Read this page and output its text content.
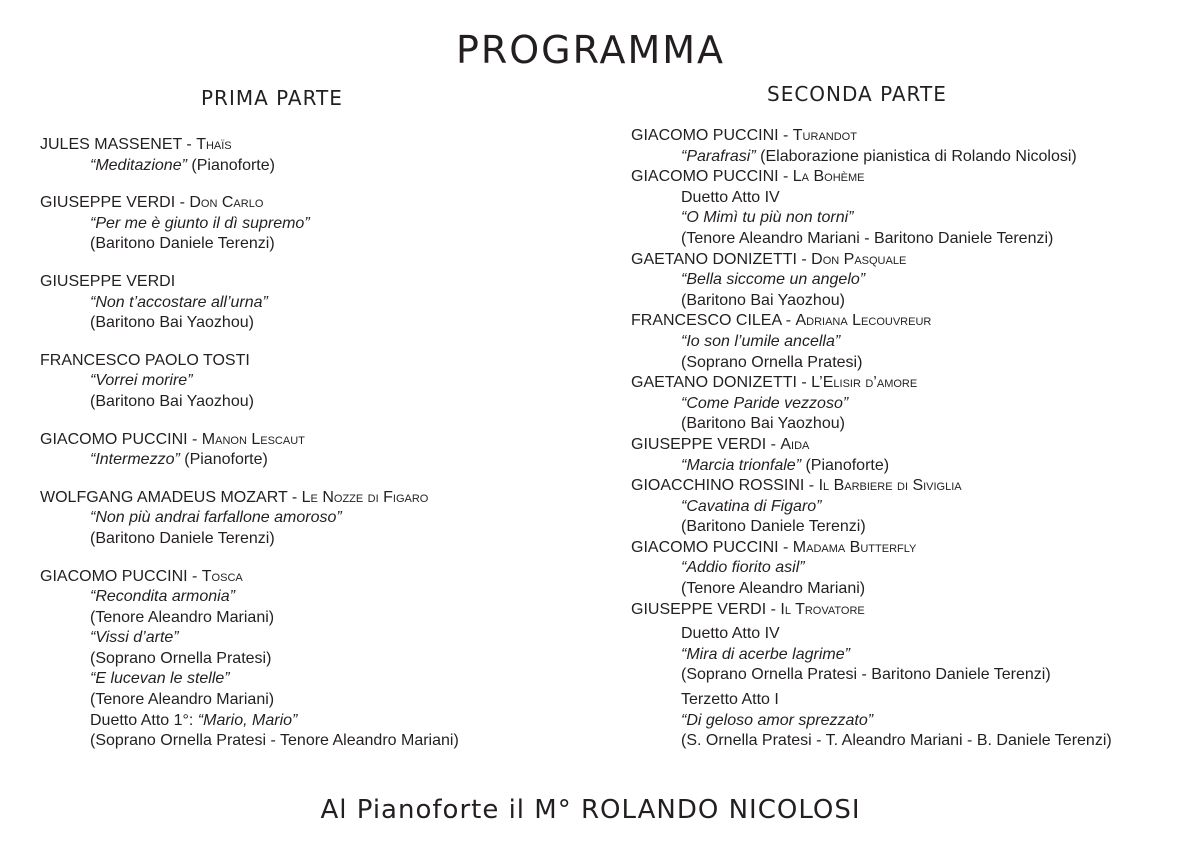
PROGRAMMA
PRIMA PARTE	SECONDA PARTE
JULES MASSENET - Thaïs
“Meditazione” (Pianoforte)
GIUSEPPE VERDI - Don Carlo
“Per me è giunto il dì supremo”
(Baritono Daniele Terenzi)
GIUSEPPE VERDI
“Non t’accostare all’urna”
(Baritono Bai Yaozhou)
FRANCESCO PAOLO TOSTI
“Vorrei morire”
(Baritono Bai Yaozhou)
GIACOMO PUCCINI - Manon Lescaut
“Intermezzo” (Pianoforte)
WOLFGANG AMADEUS MOZART - Le Nozze di Figaro
“Non più andrai farfallone amoroso”
(Baritono Daniele Terenzi)
GIACOMO PUCCINI - Tosca
“Recondita armonia”
(Tenore Aleandro Mariani)
“Vissi d’arte”
(Soprano Ornella Pratesi)
“E lucevan le stelle”
(Tenore Aleandro Mariani)
Duetto Atto 1°: “Mario, Mario”
(Soprano Ornella Pratesi - Tenore Aleandro Mariani)
GIACOMO PUCCINI - Turandot
“Parafrasi” (Elaborazione pianistica di Rolando Nicolosi)
GIACOMO PUCCINI - La Bohème
Duetto Atto IV
“O Mimì tu più non torni”
(Tenore Aleandro Mariani - Baritono Daniele Terenzi)
GAETANO DONIZETTI - Don Pasquale
“Bella siccome un angelo”
(Baritono Bai Yaozhou)
FRANCESCO CILEA - Adriana Lecouvreur
“Io son l’umile ancella”
(Soprano Ornella Pratesi)
GAETANO DONIZETTI - L’Elisir d’amore
“Come Paride vezzoso”
(Baritono Bai Yaozhou)
GIUSEPPE VERDI - Aida
“Marcia trionfale” (Pianoforte)
GIOACCHINO ROSSINI - Il Barbiere di Siviglia
“Cavatina di Figaro”
(Baritono Daniele Terenzi)
GIACOMO PUCCINI - Madama Butterfly
“Addio fiorito asil”
(Tenore Aleandro Mariani)
GIUSEPPE VERDI - Il Trovatore
Duetto Atto IV
“Mira di acerbe lagrime”
(Soprano Ornella Pratesi - Baritono Daniele Terenzi)
Terzetto Atto I
“Di geloso amor sprezzato”
(S. Ornella Pratesi - T. Aleandro Mariani - B. Daniele Terenzi)
Al Pianoforte il M° ROLANDO NICOLOSI
